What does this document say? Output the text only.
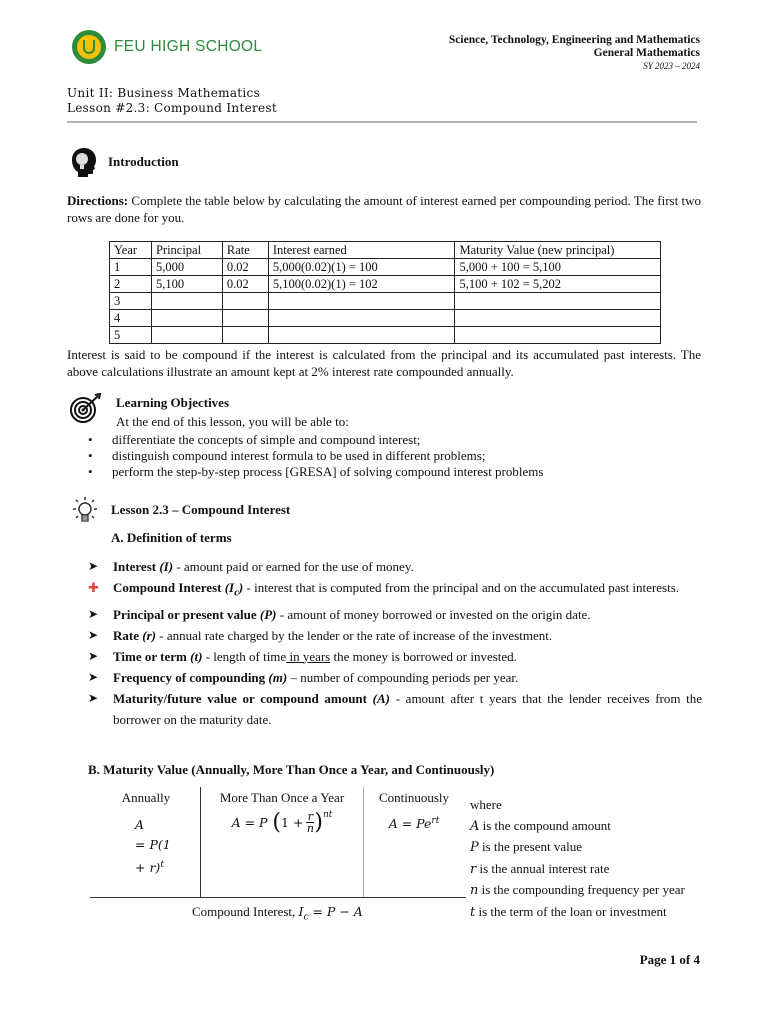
FEU HIGH SCHOOL	Science, Technology, Engineering and Mathematics
General Mathematics
SY 2023 – 2024
Unit II: Business Mathematics
Lesson #2.3: Compound Interest
Introduction
Directions: Complete the table below by calculating the amount of interest earned per compounding period. The first two rows are done for you.
Year	Principal	Rate	Interest earned	Maturity Value (new principal)
1	5,000	0.02	5,000(0.02)(1) = 100	5,000 + 100 = 5,100
2	5,100	0.02	5,100(0.02)(1) = 102	5,100 + 102 = 5,202
3				
4				
5				
Interest is said to be compound if the interest is calculated from the principal and its accumulated past interests. The above calculations illustrate an amount kept at 2% interest rate compounded annually.
Learning Objectives
At the end of this lesson, you will be able to:
• differentiate the concepts of simple and compound interest;
• distinguish compound interest formula to be used in different problems;
• perform the step-by-step process [GRESA] of solving compound interest problems
Lesson 2.3 – Compound Interest
A. Definition of terms
➤ Interest (I) - amount paid or earned for the use of money.
✚ Compound Interest $(I_c)$ - interest that is computed from the principal and on the accumulated past interests.
➤ Principal or present value (P) - amount of money borrowed or invested on the origin date.
➤ Rate (r) - annual rate charged by the lender or the rate of increase of the investment.
➤ Time or term (t) - length of time in years the money is borrowed or invested.
➤ Frequency of compounding (m) – number of compounding periods per year.
➤ Maturity/future value or compound amount (A) - amount after t years that the lender receives from the borrower on the maturity date.
B. Maturity Value (Annually, More Than Once a Year, and Continuously)
Annually
A
= P(1
+ r)$^t$
More Than Once a Year
A = P ( 1 + r
n )$^{nt}$
Continuously
$A = Pe^{rt}$
Compound Interest, $I_c = P - A$
where
A is the compound amount
P is the present value
r is the annual interest rate
n is the compounding frequency per year
t is the term of the loan or investment
Page 1 of 4
